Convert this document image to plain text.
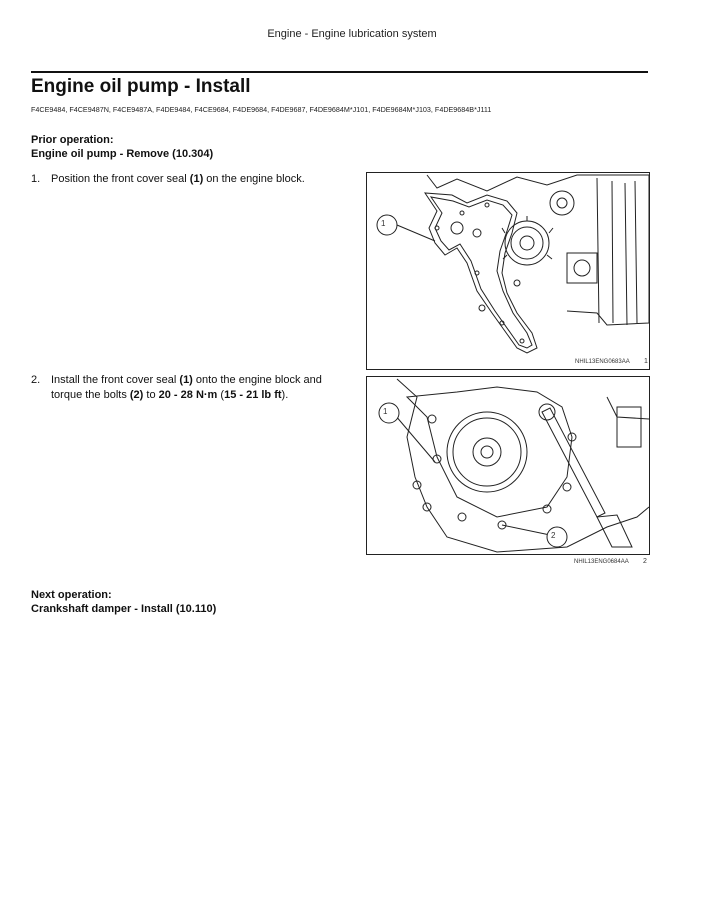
Engine - Engine lubrication system
Engine oil pump - Install
F4CE9484, F4CE9487N, F4CE9487A, F4DE9484, F4CE9684, F4DE9684, F4DE9687, F4DE9684M*J101, F4DE9684M*J103, F4DE9684B*J111
Prior operation:
Engine oil pump - Remove (10.304)
1. Position the front cover seal (1) on the engine block.
1
NHIL13ENG0683AA 1
2. Install the front cover seal (1) onto the engine block and torque the bolts (2) to 20 - 28 N·m (15 - 21 lb ft).
1
2
NHIL13ENG0684AA 2
Next operation:
Crankshaft damper - Install (10.110)
